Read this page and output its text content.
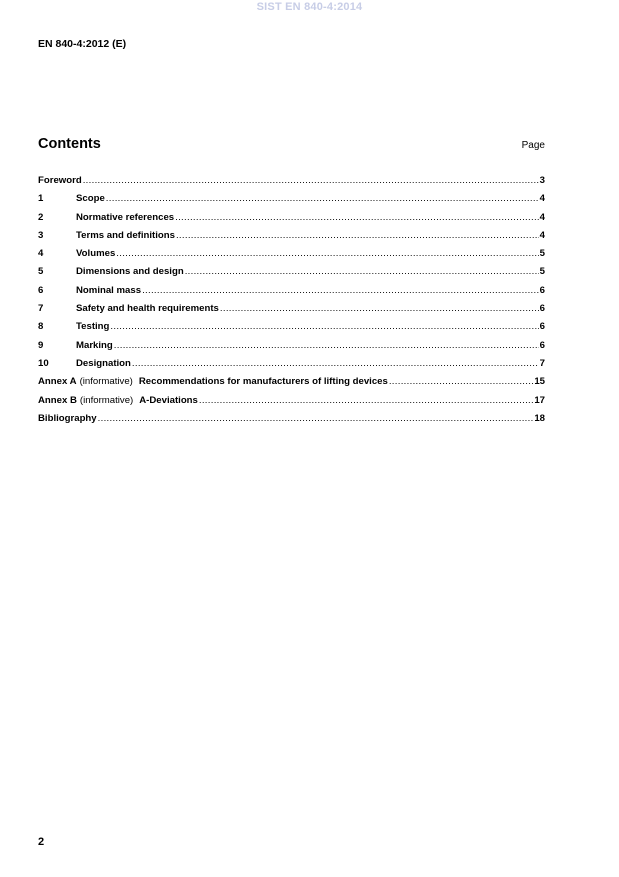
SIST EN 840-4:2014
EN 840-4:2012 (E)
Contents	Page
Foreword .....	3
1	Scope .....	4
2	Normative references .....	4
3	Terms and definitions .....	4
4	Volumes .....	5
5	Dimensions and design .....	5
6	Nominal mass .....	6
7	Safety and health requirements .....	6
8	Testing .....	6
9	Marking .....	6
10	Designation .....	7
Annex A (informative) Recommendations for manufacturers of lifting devices .....	15
Annex B (informative) A-Deviations .....	17
Bibliography .....	18
2
